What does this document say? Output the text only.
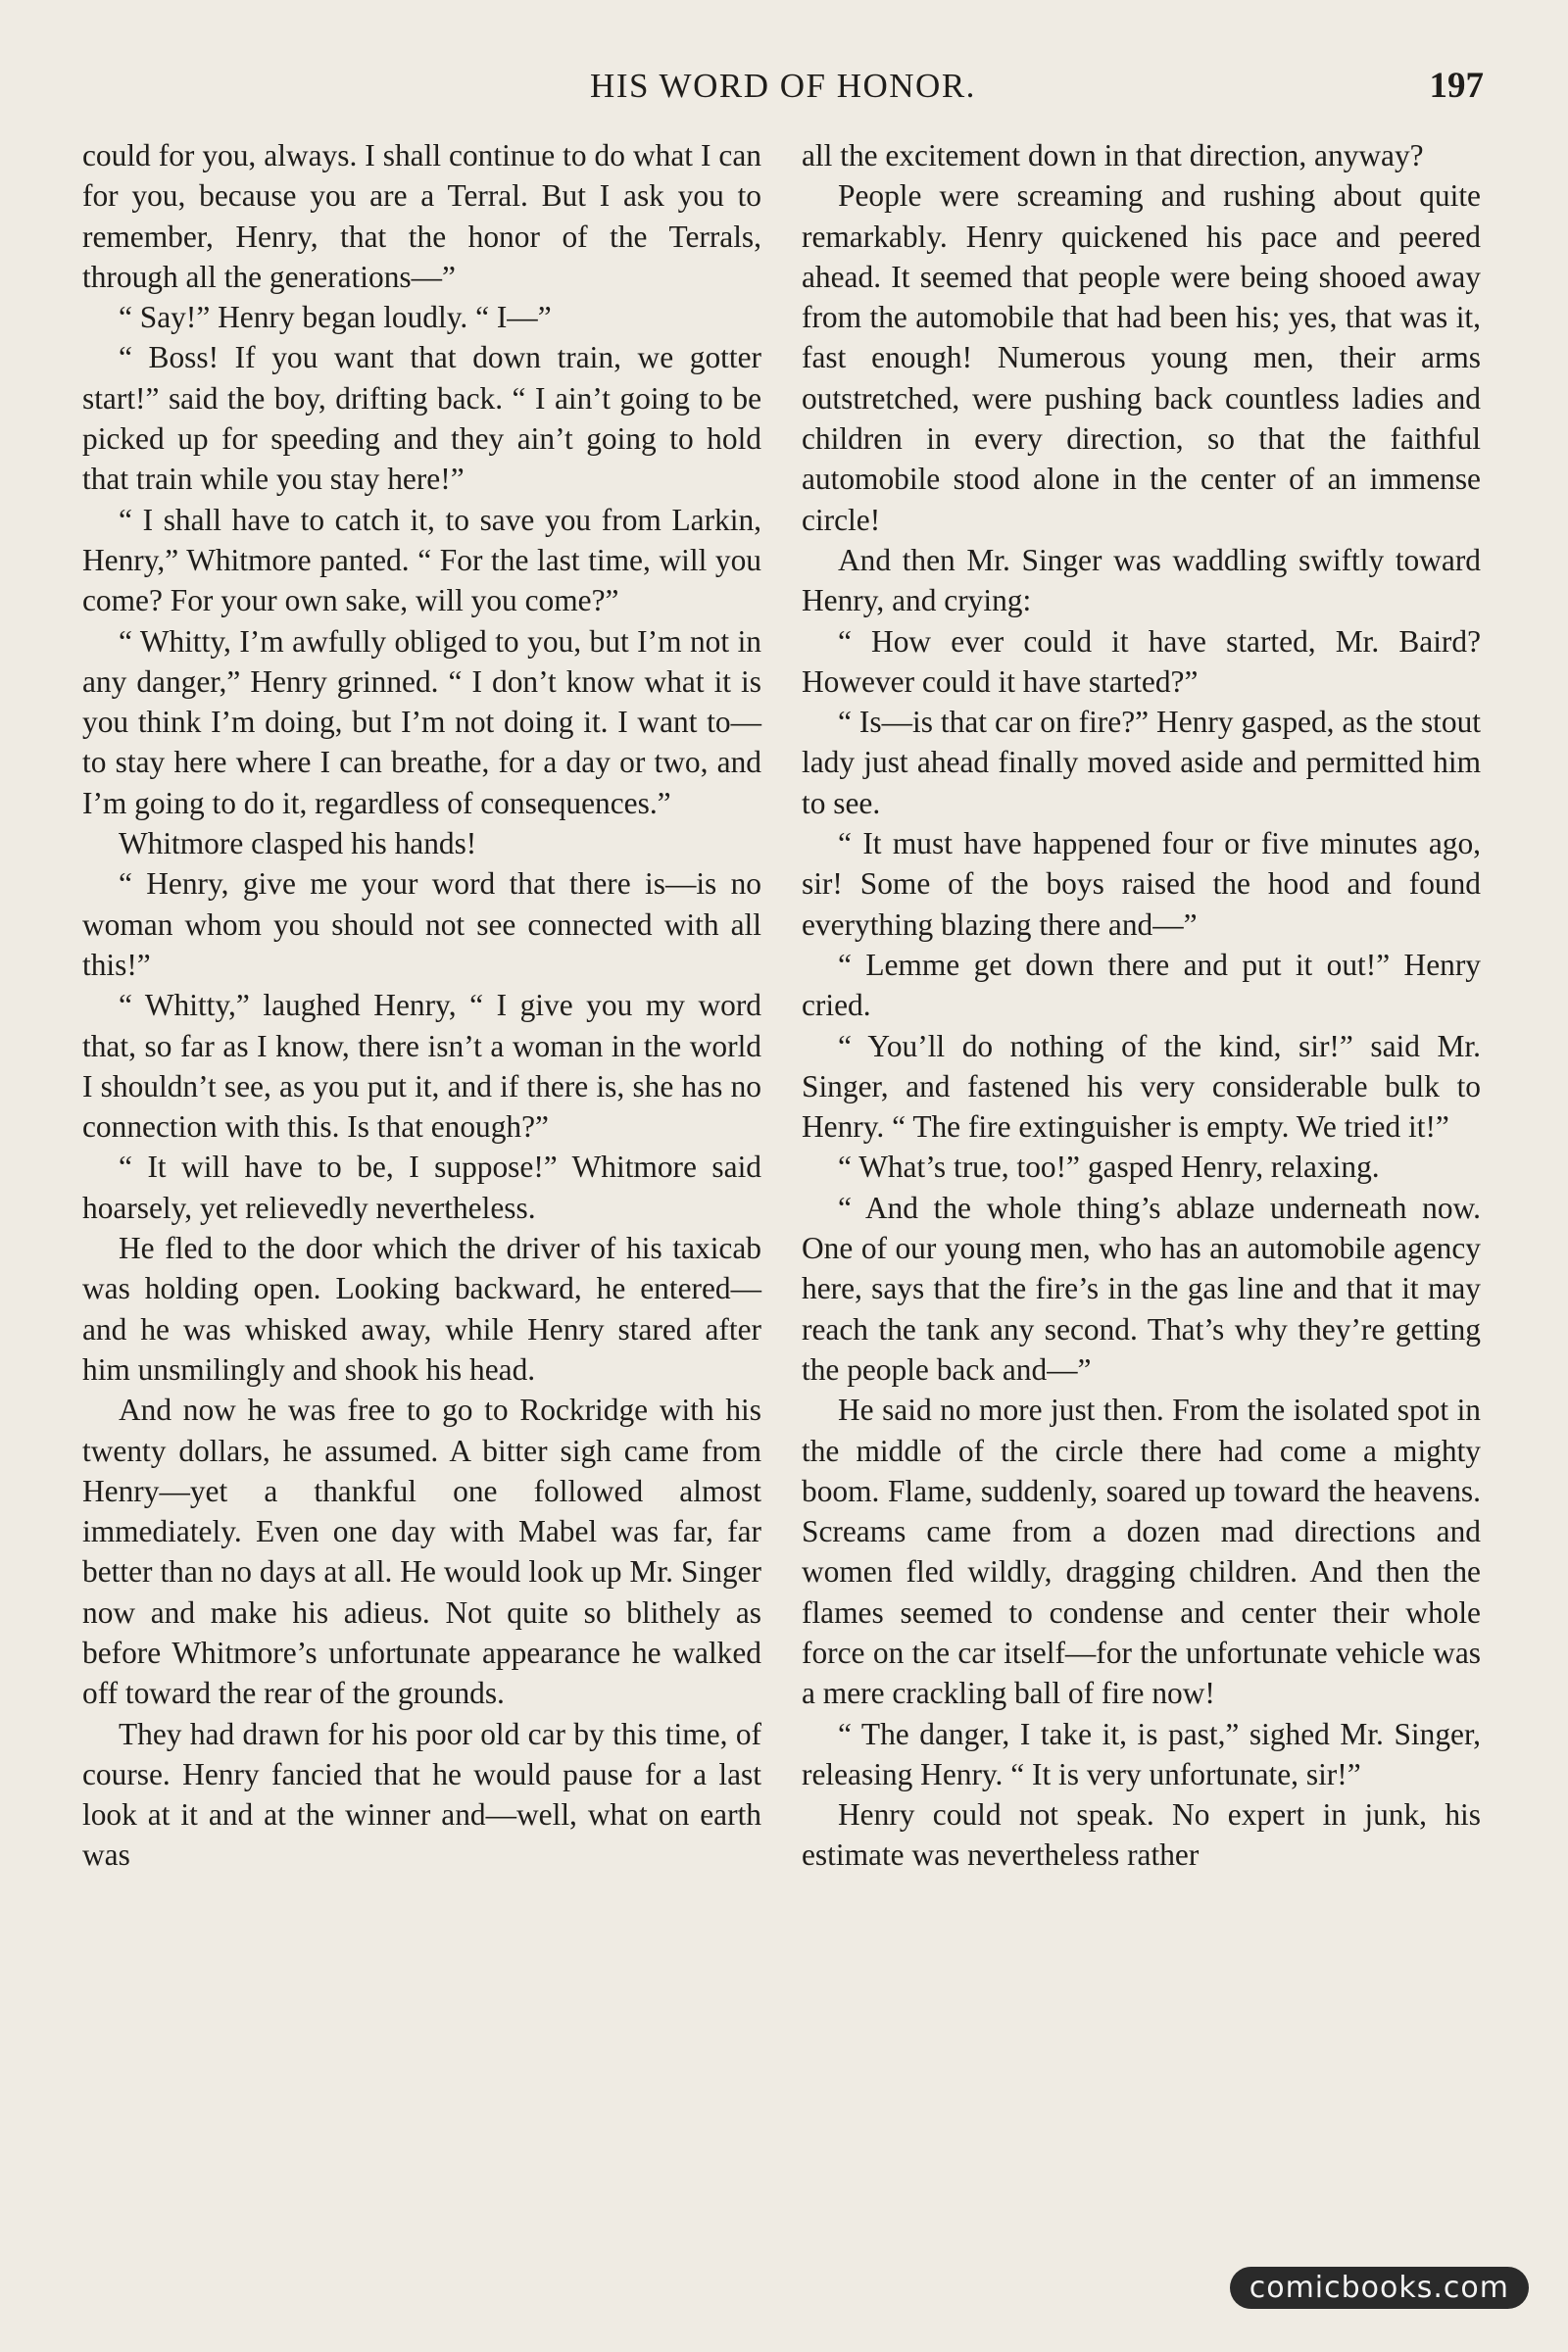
HIS WORD OF HONOR.	197

could for you, always. I shall continue to do what I can for you, because you are a Terral. But I ask you to remember, Henry, that the honor of the Terrals, through all the generations—”

“ Say!” Henry began loudly. “ I—”

“ Boss! If you want that down train, we gotter start!” said the boy, drifting back. “ I ain’t going to be picked up for speeding and they ain’t going to hold that train while you stay here!”

“ I shall have to catch it, to save you from Larkin, Henry,” Whitmore panted. “ For the last time, will you come? For your own sake, will you come?”

“ Whitty, I’m awfully obliged to you, but I’m not in any danger,” Henry grinned. “ I don’t know what it is you think I’m doing, but I’m not doing it. I want to—to stay here where I can breathe, for a day or two, and I’m going to do it, regardless of consequences.”

Whitmore clasped his hands!

“ Henry, give me your word that there is—is no woman whom you should not see connected with all this!”

“ Whitty,” laughed Henry, “ I give you my word that, so far as I know, there isn’t a woman in the world I shouldn’t see, as you put it, and if there is, she has no connection with this. Is that enough?”

“ It will have to be, I suppose!” Whitmore said hoarsely, yet relievedly nevertheless.

He fled to the door which the driver of his taxicab was holding open. Looking backward, he entered—and he was whisked away, while Henry stared after him unsmilingly and shook his head.

And now he was free to go to Rockridge with his twenty dollars, he assumed. A bitter sigh came from Henry—yet a thankful one followed almost immediately. Even one day with Mabel was far, far better than no days at all. He would look up Mr. Singer now and make his adieus. Not quite so blithely as before Whitmore’s unfortunate appearance he walked off toward the rear of the grounds.

They had drawn for his poor old car by this time, of course. Henry fancied that he would pause for a last look at it and at the winner and—well, what on earth was

all the excitement down in that direction, anyway?

People were screaming and rushing about quite remarkably. Henry quickened his pace and peered ahead. It seemed that people were being shooed away from the automobile that had been his; yes, that was it, fast enough! Numerous young men, their arms outstretched, were pushing back countless ladies and children in every direction, so that the faithful automobile stood alone in the center of an immense circle!

And then Mr. Singer was waddling swiftly toward Henry, and crying:

“ How ever could it have started, Mr. Baird? However could it have started?”

“ Is—is that car on fire?” Henry gasped, as the stout lady just ahead finally moved aside and permitted him to see.

“ It must have happened four or five minutes ago, sir! Some of the boys raised the hood and found everything blazing there and—”

“ Lemme get down there and put it out!” Henry cried.

“ You’ll do nothing of the kind, sir!” said Mr. Singer, and fastened his very considerable bulk to Henry. “ The fire extinguisher is empty. We tried it!”

“ What’s true, too!” gasped Henry, relaxing.

“ And the whole thing’s ablaze underneath now. One of our young men, who has an automobile agency here, says that the fire’s in the gas line and that it may reach the tank any second. That’s why they’re getting the people back and—”

He said no more just then. From the isolated spot in the middle of the circle there had come a mighty boom. Flame, suddenly, soared up toward the heavens. Screams came from a dozen mad directions and women fled wildly, dragging children. And then the flames seemed to condense and center their whole force on the car itself—for the unfortunate vehicle was a mere crackling ball of fire now!

“ The danger, I take it, is past,” sighed Mr. Singer, releasing Henry. “ It is very unfortunate, sir!”

Henry could not speak. No expert in junk, his estimate was nevertheless rather

comicbooks.com
